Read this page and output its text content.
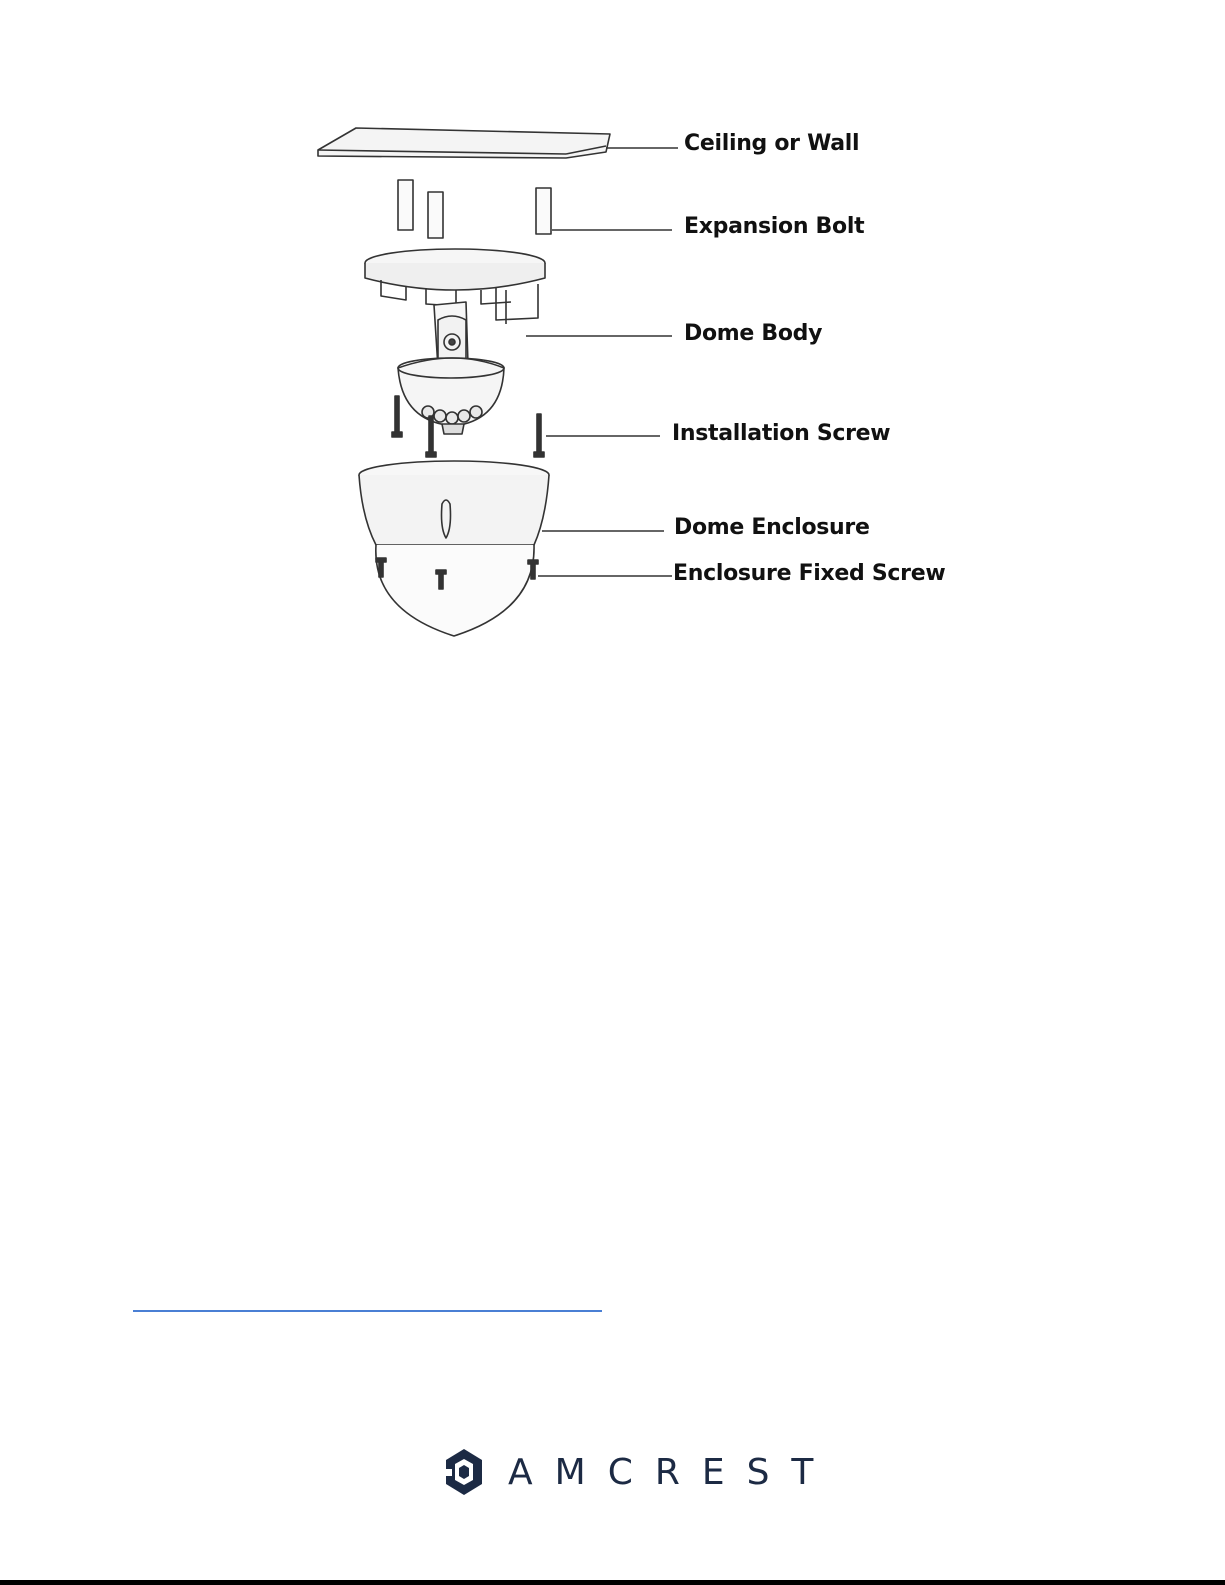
Ceiling or Wall
Expansion Bolt
Dome Body
Installation Screw
Dome Enclosure
Enclosure Fixed Screw
AMCREST
